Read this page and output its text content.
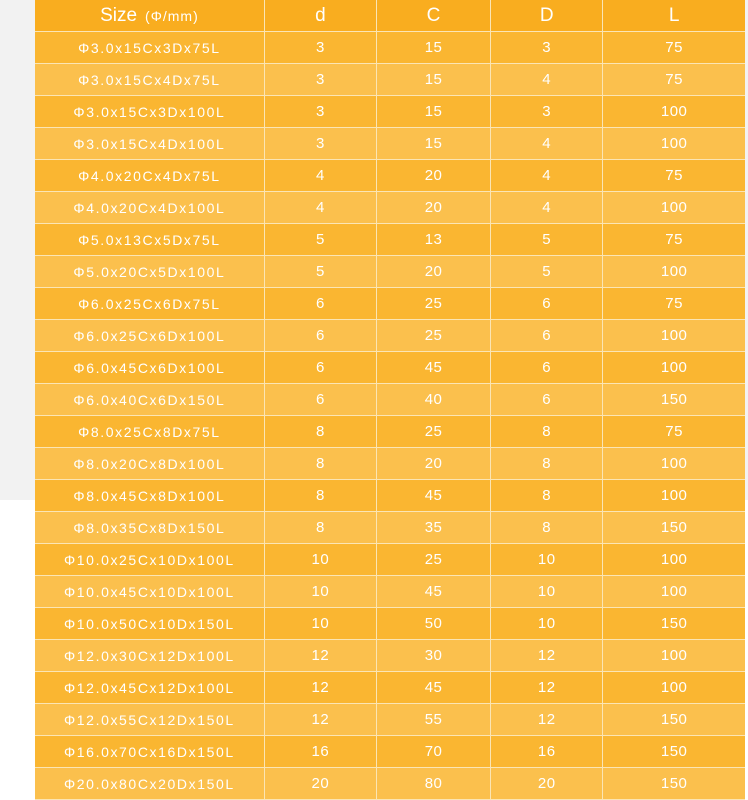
Size (Φ/mm)	d	C	D	L
Φ3.0x15Cx3Dx75L	3	15	3	75
Φ3.0x15Cx4Dx75L	3	15	4	75
Φ3.0x15Cx3Dx100L	3	15	3	100
Φ3.0x15Cx4Dx100L	3	15	4	100
Φ4.0x20Cx4Dx75L	4	20	4	75
Φ4.0x20Cx4Dx100L	4	20	4	100
Φ5.0x13Cx5Dx75L	5	13	5	75
Φ5.0x20Cx5Dx100L	5	20	5	100
Φ6.0x25Cx6Dx75L	6	25	6	75
Φ6.0x25Cx6Dx100L	6	25	6	100
Φ6.0x45Cx6Dx100L	6	45	6	100
Φ6.0x40Cx6Dx150L	6	40	6	150
Φ8.0x25Cx8Dx75L	8	25	8	75
Φ8.0x20Cx8Dx100L	8	20	8	100
Φ8.0x45Cx8Dx100L	8	45	8	100
Φ8.0x35Cx8Dx150L	8	35	8	150
Φ10.0x25Cx10Dx100L	10	25	10	100
Φ10.0x45Cx10Dx100L	10	45	10	100
Φ10.0x50Cx10Dx150L	10	50	10	150
Φ12.0x30Cx12Dx100L	12	30	12	100
Φ12.0x45Cx12Dx100L	12	45	12	100
Φ12.0x55Cx12Dx150L	12	55	12	150
Φ16.0x70Cx16Dx150L	16	70	16	150
Φ20.0x80Cx20Dx150L	20	80	20	150
